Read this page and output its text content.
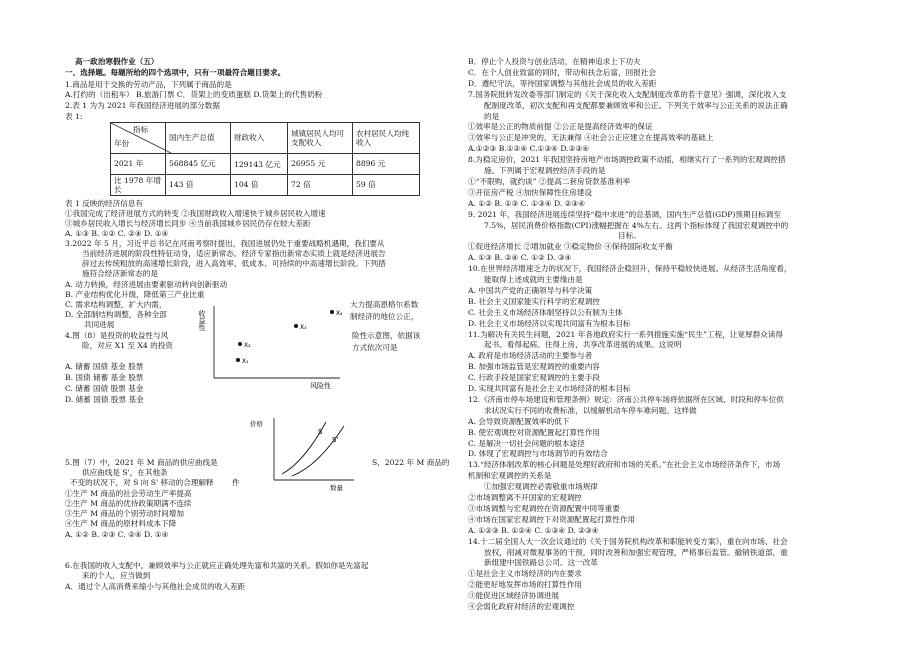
高一政治寒假作业（五）
一、选择题。每题所给的四个选项中，只有一项最符合题目要求。
1.商品是用于交换的劳动产品，下列属于商品的是
A.打约的（出租车） B.旅游门票 C．货架上的变质蛋糕 D.货架上的代售奶粉
2.表 1 为为 2021 年我国经济进展的部分数据
表 1:
指标
年份	国内生产总值	财政收入	城镇居民人均可支配收入	农村居民人均纯收入
2021 年	568845 亿元	129143 亿元	26955 元	8896 元
比 1978 年增长	143 倍	104 倍	72 倍	59 倍
表 1 反映的经济信息有
①我国完成了经济进展方式的转变 ②我国财政收入增速快于城乡居民收入增速
③城乡居民收入增长与经济增长同步 ④当前我国城乡居民仍存在较大差距
A. ①③ B. ①② C. ②④ D. ①④
3.2022 年 5 月，习近平总书记在河南考察时提出，我国进展仍处于重要战略机遇期，我们要从
当前经济进展的阶段性特征动身，适应新常态。经济专家指出新常态实质上就是经济进展告
辞过去传统粗放的高速增长阶段，进入高效率、低成本、可持续的中高速增长阶段。下列措
施符合经济新常态的是
A. 动力转换，经济进展由要素驱动转向创新驱动
B. 产业结构优化升级，降低第三产业比重
C. 需求结构调整，扩大内需，
D. 全部制结构调整，各种全部
共同进展
大力提高恩格尔系数
制经济的地位公正，
4.图（8）是投资的收益性与风
险，对应 X1 至 X4 的投资
险性示意图，依据该
方式依次可是
A. 储蓄 国债 基金 股票
B. 国债 储蓄 基金 股票
C. 储蓄 国债 股票 基金
D. 储蓄 国债 股票 基金
收益性
风险性
X₁
X₂
X₃
X₄
价格
数量
S
S'
5.图（7）中，2021 年 M 商品的供应曲线是
供应曲线是 S'，在其他条
S，2022 年 M 商品的
件
不变的状况下，对 S 向 S' 移动的合理解释
①生产 M 商品的社会劳动生产率提高
②生产 M 商品的优待政策期满不连续
③生产 M 商品的个别劳动时间增加
④生产 M 商品的原材料成本下降
A. ①② B. ②③ C. ②④ D. ①④
6.在我国的收入支配中，兼顾效率与公正就应正确处理先富和共富的关系。假如你是先富起
来的个人，应当做到
A．通过个人高消费来缩小与其他社会成员的收入差距
B．停止个人投资与创业活动，在精神追求上下功夫
C．在个人创业致富的同时，带动和扶念后富，回报社会
D．遵纪守法，等待国家调整与其他社会成员的收入差距
7.国务院批转发改委等部门制定的《关于深化收入支配制度改革的若干意见》强调，深化收入支
配制度改革，初次支配和再支配都要兼顾效率和公正。下列关于效率与公正关系的说法正确
的是
①效率是公正的物质前提 ②公正是提高经济效率的保证
③效率与公正是冲突的，无法兼得 ④社会公正应建立在提高效率的基础上
A.①②③ B.①②④ C.①③④ D.②③④
8.为稳定房价，2021 年我国坚持房地产市场调控政策不动摇，相继实行了一系列的宏观调控措
施。下列属于宏观调控经济手段的是
①“不限购，就约谈” ②提高二套房贷款基准利率
③开征房产税 ④加快保障性住房建设
A. ①② B. ①③ C. ①③④ D. ②③④
9. 2021 年，我国经济进展连续坚持“稳中求进”的总基调，国内生产总值(GDP)预期目标调至
7.5%，居民消费价格指数(CPI)涨幅把握在 4%左右。这两个指标体现了我国宏观调控中的
目标。
①促进经济增长 ②增加就业 ③稳定物价 ④保持国际收支平衡
A. ①③ B. ②④ C. ①② D. ③④
10.在世界经济增速乏力的状况下，我国经济企稳回升，保持平稳较快进展。从经济生活角度看，
能取得上述成就的主要缘由是
A. 中国共产党的正确领导与科学决策
B. 社会主义国家能实行科学的宏观调控
C. 社会主义市场经济体制坚持以公有制为主体
D. 社会主义市场经济以实现共同富有为根本目标
11.为解决有关民生问题，2021 年各地政府实行一系列措施实施“民生”工程，让宽厚群众读得
起书、看得起病、住得上房，共享改革进展的成果。这说明
A. 政府是市场经济活动的主要参与者
B. 加强市场监管是宏观调控的重要内容
C. 行政手段是国家宏观调控的主要手段
D. 实现共同富有是社会主义市场经济的根本目标
12.《济南市停车场建设和管理条例》规定：济南公共停车场将依据所在区域、时段和停车位供
求状况实行不同的收费标准，以缓解机动车停车难问题。这样做
A. 会导致资源配置效率的低下
B. 使宏观调控对资源配置起打算性作用
C. 是解决一切社会问题的根本途径
D. 体现了宏观调控与市场调节的有效结合
13.“经济体制改革的核心问题是处理好政府和市场的关系。”在社会主义市场经济条件下，市场
机制和宏观调控的关系是
①加强宏观调控必需敬重市场规律
②市场调整离不开国家的宏观调控
③市场调整与宏观调控在资源配置中同等重要
④市场在国家宏观调控下对资源配置起打算性作用
A. ①②③ B. ①②④ C. ①③④ D. ②③④
14.十二届全国人大一次会议通过的《关于国务院机构改革和职能转变方案》，重在向市场、社会
放权，削减对微观事务的干预，同时改善和加强宏观管理，严格事后监管。撤销铁道部，重
新组建中国铁路总公司。这一改革
①是社会主义市场经济的内在要求
②能更好地发挥市场的打算性作用
③能促进区域经济协调进展
④会弱化政府对经济的宏观调控
